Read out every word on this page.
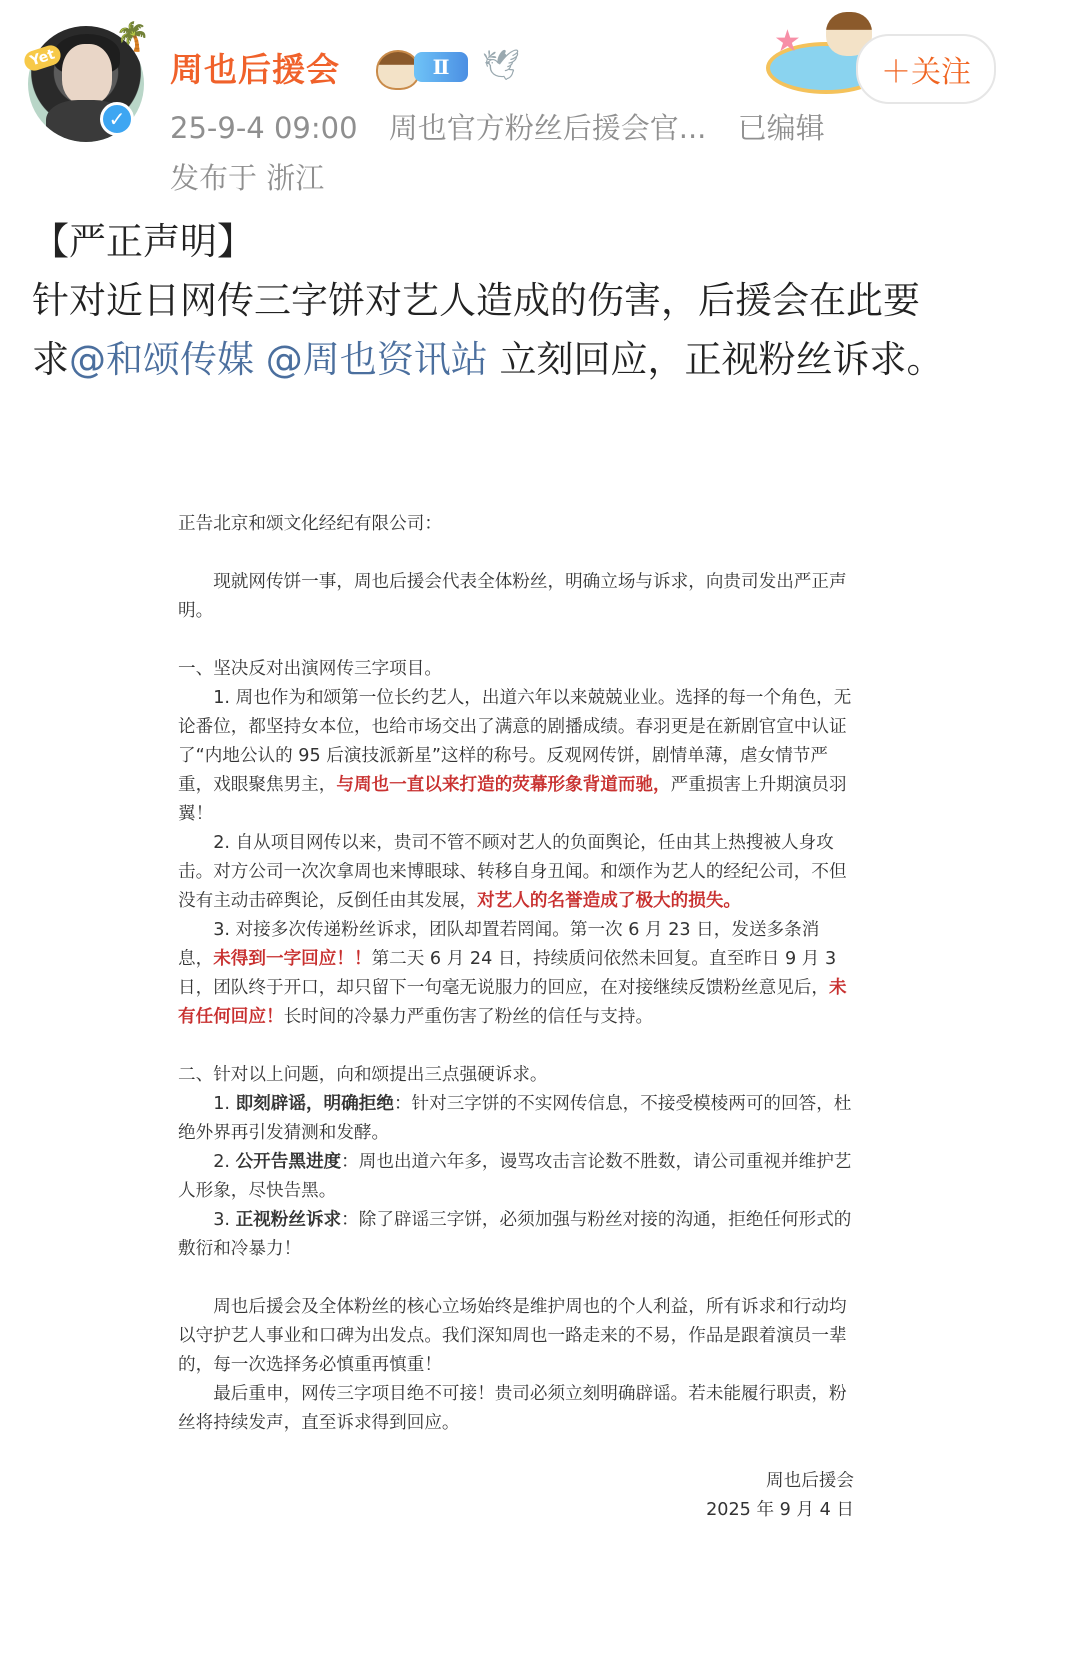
Yet
🌴
✓
周也后援会	Ⅱ	🕊
25-9-4 09:00 周也官方粉丝后援会官... 已编辑
发布于 浙江
★
＋关注

【严正声明】

针对近日网传三字饼对艺人造成的伤害，后援会在此要

求@和颂传媒 @周也资讯站 立刻回应，正视粉丝诉求。

正告北京和颂文化经纪有限公司：

现就网传饼一事，周也后援会代表全体粉丝，明确立场与诉求，向贵司发出严正声明。

一、坚决反对出演网传三字项目。

1. 周也作为和颂第一位长约艺人，出道六年以来兢兢业业。选择的每一个角色，无论番位，都坚持女本位，也给市场交出了满意的剧播成绩。春羽更是在新剧官宣中认证了“内地公认的 95 后演技派新星”这样的称号。反观网传饼，剧情单薄，虐女情节严重，戏眼聚焦男主，与周也一直以来打造的荧幕形象背道而驰，严重损害上升期演员羽翼！

2. 自从项目网传以来，贵司不管不顾对艺人的负面舆论，任由其上热搜被人身攻击。对方公司一次次拿周也来博眼球、转移自身丑闻。和颂作为艺人的经纪公司，不但没有主动击碎舆论，反倒任由其发展，对艺人的名誉造成了极大的损失。

3. 对接多次传递粉丝诉求，团队却置若罔闻。第一次 6 月 23 日，发送多条消息，未得到一字回应！！第二天 6 月 24 日，持续质问依然未回复。直至昨日 9 月 3 日，团队终于开口，却只留下一句毫无说服力的回应，在对接继续反馈粉丝意见后，未有任何回应！长时间的冷暴力严重伤害了粉丝的信任与支持。

二、针对以上问题，向和颂提出三点强硬诉求。

1. 即刻辟谣，明确拒绝：针对三字饼的不实网传信息，不接受模棱两可的回答，杜绝外界再引发猜测和发酵。

2. 公开告黑进度：周也出道六年多，谩骂攻击言论数不胜数，请公司重视并维护艺人形象，尽快告黑。

3. 正视粉丝诉求：除了辟谣三字饼，必须加强与粉丝对接的沟通，拒绝任何形式的敷衍和冷暴力！

周也后援会及全体粉丝的核心立场始终是维护周也的个人利益，所有诉求和行动均以守护艺人事业和口碑为出发点。我们深知周也一路走来的不易，作品是跟着演员一辈的，每一次选择务必慎重再慎重！

最后重申，网传三字项目绝不可接！贵司必须立刻明确辟谣。若未能履行职责，粉丝将持续发声，直至诉求得到回应。

周也后援会

2025 年 9 月 4 日
